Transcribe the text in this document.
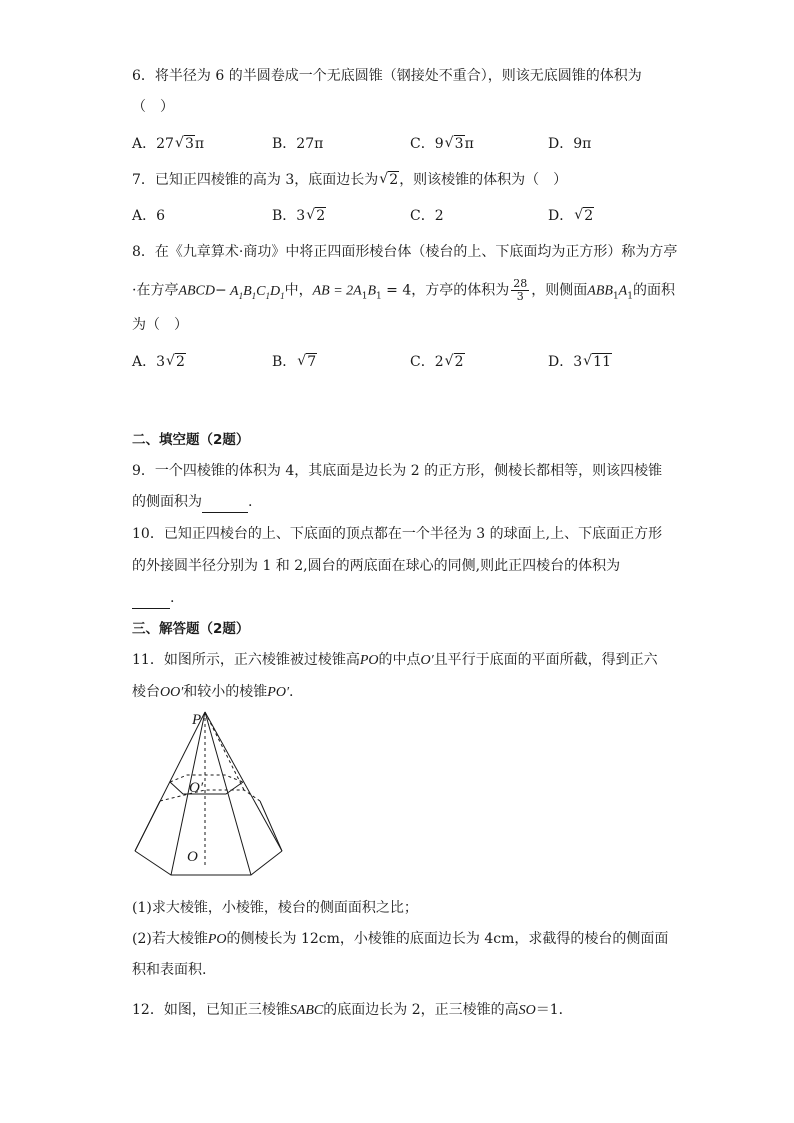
6．将半径为 6 的半圆卷成一个无底圆锥（钢接处不重合），则该无底圆锥的体积为
（　）
A．27 √ 3π	B．27π	C．9 √ 3π	D．9π
7．已知正四棱锥的高为 3，底面边长为 √ 2，则该棱锥的体积为（　）
A．6	B．3 √ 2	C．2	D． √ 2
8．在《九章算术·商功》中将正四面形棱台体（棱台的上、下底面均为正方形）称为方亭
·在方亭ABCD− $A_1B_1C_1D_1$中，AB = $2A_1B_1 = 4$，方亭的体积为 $\frac{28}{3}$ ，则侧面$ABB_1A_1$的面积
为（　）
A．3 √ 2	B． √ 7	C．2 √ 2	D．3 √ 11
二、填空题（2题）
9．一个四棱锥的体积为 4，其底面是边长为 2 的正方形，侧棱长都相等，则该四棱锥
的侧面积为	.
10．已知正四棱台的上、下底面的顶点都在一个半径为 3 的球面上,上、下底面正方形
的外接圆半径分别为 1 和 2,圆台的两底面在球心的同侧,则此正四棱台的体积为
.
三、解答题（2题）
11．如图所示，正六棱锥被过棱锥高PO的中点O′且平行于底面的平面所截，得到正六
棱台OO′和较小的棱锥PO′.
P
O′
O
(1)求大棱锥，小棱锥，棱台的侧面面积之比；
(2)若大棱锥PO的侧棱长为 12cm，小棱锥的底面边长为 4cm，求截得的棱台的侧面面
积和表面积.
12．如图，已知正三棱锥SABC的底面边长为 2，正三棱锥的高SO＝1．
